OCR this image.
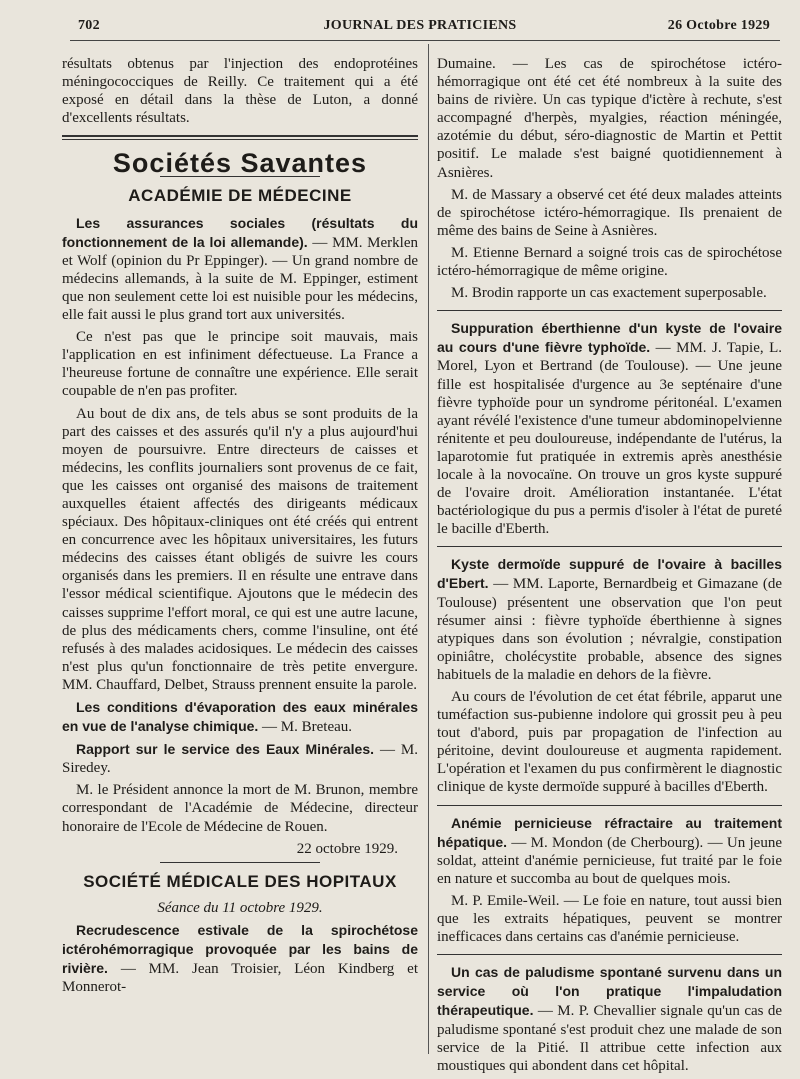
702	JOURNAL DES PRATICIENS	26 Octobre 1929

résultats obtenus par l'injection des endoprotéines méningococciques de Reilly. Ce traitement qui a été exposé en détail dans la thèse de Luton, a donné d'excellents résultats.

Sociétés Savantes
ACADÉMIE DE MÉDECINE

Les assurances sociales (résultats du fonctionnement de la loi allemande). — MM. Merklen et Wolf (opinion du Pr Eppinger). — Un grand nombre de médecins allemands, à la suite de M. Eppinger, estiment que non seulement cette loi est nuisible pour les médecins, elle fait aussi le plus grand tort aux universités.

Ce n'est pas que le principe soit mauvais, mais l'application en est infiniment défectueuse. La France a l'heureuse fortune de connaître une expérience. Elle serait coupable de n'en pas profiter.

Au bout de dix ans, de tels abus se sont produits de la part des caisses et des assurés qu'il n'y a plus aujourd'hui moyen de poursuivre. Entre directeurs de caisses et médecins, les conflits journaliers sont provenus de ce fait, que les caisses ont organisé des maisons de traitement auxquelles étaient affectés des dirigeants médicaux spéciaux. Des hôpitaux-cliniques ont été créés qui entrent en concurrence avec les hôpitaux universitaires, les futurs médecins des caisses étant obligés de suivre les cours organisés dans les premiers. Il en résulte une entrave dans l'essor médical scientifique. Ajoutons que le médecin des caisses supprime l'effort moral, ce qui est une autre lacune, de plus des médicaments chers, comme l'insuline, ont été refusés à des malades acidosiques. Le médecin des caisses n'est plus qu'un fonctionnaire de très petite envergure. MM. Chauffard, Delbet, Strauss prennent ensuite la parole.

Les conditions d'évaporation des eaux minérales en vue de l'analyse chimique. — M. Breteau.

Rapport sur le service des Eaux Minérales. — M. Siredey.

M. le Président annonce la mort de M. Brunon, membre correspondant de l'Académie de Médecine, directeur honoraire de l'Ecole de Médecine de Rouen.

22 octobre 1929.

SOCIÉTÉ MÉDICALE DES HOPITAUX

Séance du 11 octobre 1929.

Recrudescence estivale de la spirochétose ictérohémorragique provoquée par les bains de rivière. — MM. Jean Troisier, Léon Kindberg et Monnerot-

Dumaine. — Les cas de spirochétose ictéro-hémorragique ont été cet été nombreux à la suite des bains de rivière. Un cas typique d'ictère à rechute, s'est accompagné d'herpès, myalgies, réaction méningée, azotémie du début, séro-diagnostic de Martin et Pettit positif. Le malade s'est baigné quotidiennement à Asnières.

M. de Massary a observé cet été deux malades atteints de spirochétose ictéro-hémorragique. Ils prenaient de même des bains de Seine à Asnières.

M. Etienne Bernard a soigné trois cas de spirochétose ictéro-hémorragique de même origine.

M. Brodin rapporte un cas exactement superposable.

Suppuration éberthienne d'un kyste de l'ovaire au cours d'une fièvre typhoïde. — MM. J. Tapie, L. Morel, Lyon et Bertrand (de Toulouse). — Une jeune fille est hospitalisée d'urgence au 3e septénaire d'une fièvre typhoïde pour un syndrome péritonéal. L'examen ayant révélé l'existence d'une tumeur abdominopelvienne rénitente et peu douloureuse, indépendante de l'utérus, la laparotomie fut pratiquée in extremis après anesthésie locale à la novocaïne. On trouve un gros kyste suppuré de l'ovaire droit. Amélioration instantanée. L'état bactériologique du pus a permis d'isoler à l'état de pureté le bacille d'Eberth.

Kyste dermoïde suppuré de l'ovaire à bacilles d'Ebert. — MM. Laporte, Bernardbeig et Gimazane (de Toulouse) présentent une observation que l'on peut résumer ainsi : fièvre typhoïde éberthienne à signes atypiques dans son évolution ; névralgie, constipation opiniâtre, cholécystite probable, absence des signes habituels de la maladie en dehors de la fièvre.

Au cours de l'évolution de cet état fébrile, apparut une tuméfaction sus-pubienne indolore qui grossit peu à peu tout d'abord, puis par propagation de l'infection au péritoine, devint douloureuse et augmenta rapidement. L'opération et l'examen du pus confirmèrent le diagnostic clinique de kyste dermoïde suppuré à bacilles d'Eberth.

Anémie pernicieuse réfractaire au traitement hépatique. — M. Mondon (de Cherbourg). — Un jeune soldat, atteint d'anémie pernicieuse, fut traité par le foie en nature et succomba au bout de quelques mois.

M. P. Emile-Weil. — Le foie en nature, tout aussi bien que les extraits hépatiques, peuvent se montrer inefficaces dans certains cas d'anémie pernicieuse.

Un cas de paludisme spontané survenu dans un service où l'on pratique l'impaludation thérapeutique. — M. P. Chevallier signale qu'un cas de paludisme spontané s'est produit chez une malade de son service de la Pitié. Il attribue cette infection aux moustiques qui abondent dans cet hôpital.
